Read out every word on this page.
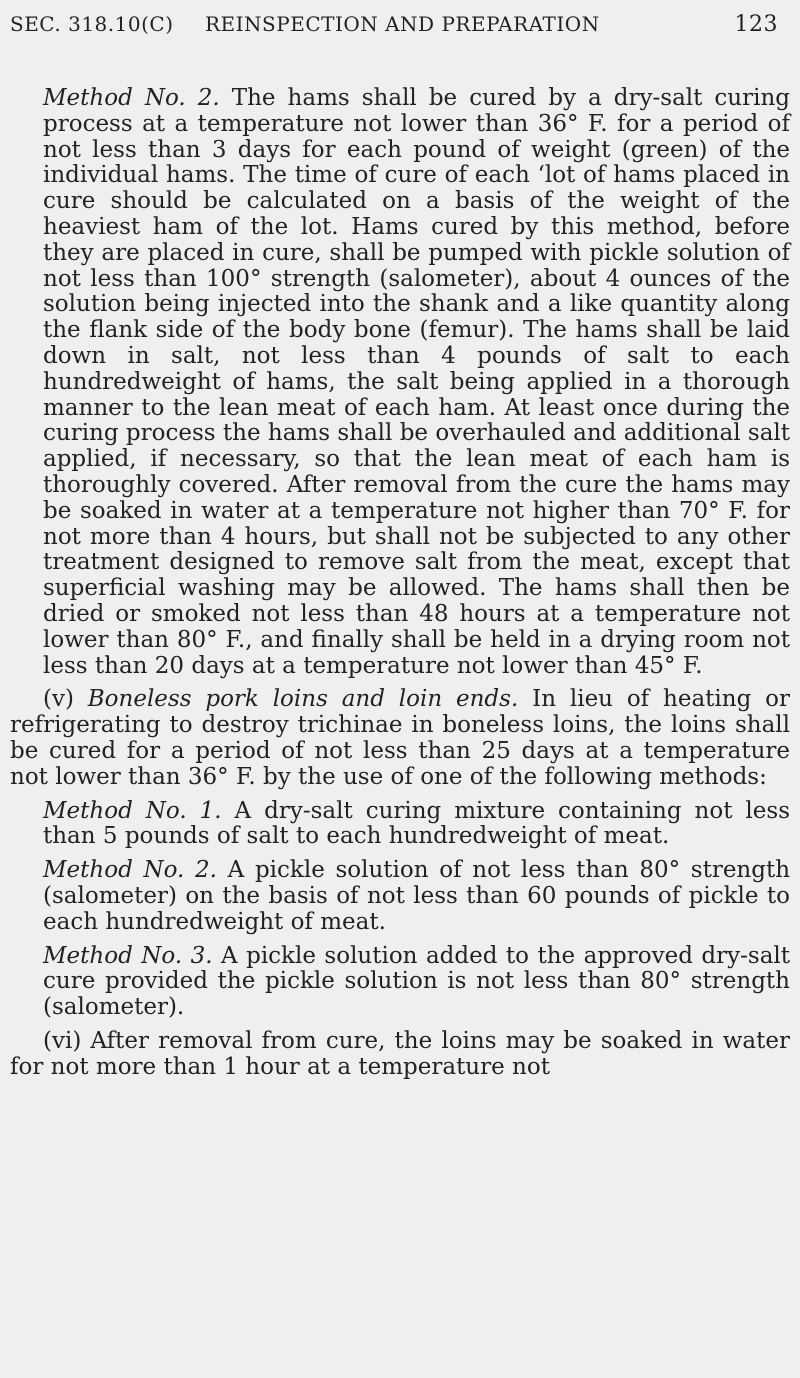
SEC. 318.10(C) REINSPECTION AND PREPARATION	123

Method No. 2. The hams shall be cured by a dry-salt curing process at a temperature not lower than 36° F. for a period of not less than 3 days for each pound of weight (green) of the individual hams. The time of cure of each ‘lot of hams placed in cure should be calculated on a basis of the weight of the heaviest ham of the lot. Hams cured by this method, before they are placed in cure, shall be pumped with pickle solution of not less than 100° strength (salometer), about 4 ounces of the solution being injected into the shank and a like quantity along the flank side of the body bone (femur). The hams shall be laid down in salt, not less than 4 pounds of salt to each hundredweight of hams, the salt being applied in a thorough manner to the lean meat of each ham. At least once during the curing process the hams shall be overhauled and additional salt applied, if necessary, so that the lean meat of each ham is thoroughly covered. After removal from the cure the hams may be soaked in water at a temperature not higher than 70° F. for not more than 4 hours, but shall not be subjected to any other treatment designed to remove salt from the meat, except that superficial washing may be allowed. The hams shall then be dried or smoked not less than 48 hours at a temperature not lower than 80° F., and finally shall be held in a drying room not less than 20 days at a temperature not lower than 45° F.

(v) Boneless pork loins and loin ends. In lieu of heating or refrigerating to destroy trichinae in boneless loins, the loins shall be cured for a period of not less than 25 days at a temperature not lower than 36° F. by the use of one of the following methods:

Method No. 1. A dry-salt curing mixture containing not less than 5 pounds of salt to each hundredweight of meat.

Method No. 2. A pickle solution of not less than 80° strength (salometer) on the basis of not less than 60 pounds of pickle to each hundredweight of meat.

Method No. 3. A pickle solution added to the approved dry-salt cure provided the pickle solution is not less than 80° strength (salometer).

(vi) After removal from cure, the loins may be soaked in water for not more than 1 hour at a temperature not
